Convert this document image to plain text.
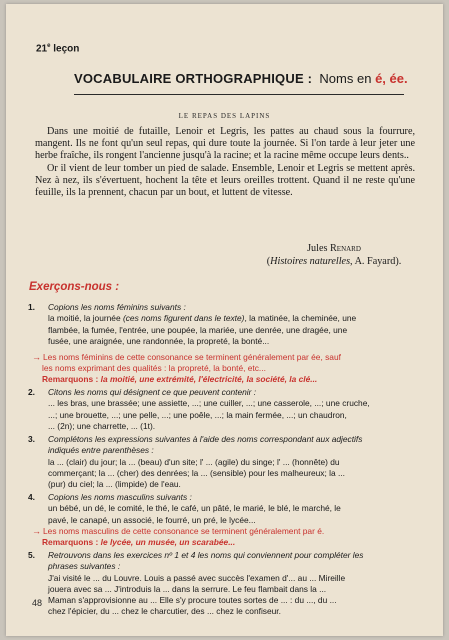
21e leçon
VOCABULAIRE ORTHOGRAPHIQUE : Noms en é, ée.
LE REPAS DES LAPINS

Dans une moitié de futaille, Lenoir et Legris, les pattes au chaud sous la fourrure, mangent. Ils ne font qu'un seul repas, qui dure toute la journée. Si l'on tarde à leur jeter une herbe fraîche, ils rongent l'ancienne jusqu'à la racine; et la racine même occupe leurs dents..

Or il vient de leur tomber un pied de salade. Ensemble, Lenoir et Legris se mettent après. Nez à nez, ils s'évertuent, hochent la tête et leurs oreilles trottent. Quand il ne reste qu'une feuille, ils la prennent, chacun par un bout, et luttent de vitesse.

Jules Renard
(Histoires naturelles, A. Fayard).
Exerçons-nous :
1. Copions les noms féminins suivants :
la moitié, la journée (ces noms figurent dans le texte), la matinée, la cheminée, une
flambée, la fumée, l'entrée, une poupée, la mariée, une denrée, une dragée, une
fusée, une araignée, une randonnée, la propreté, la bonté...
→ Les noms féminins de cette consonance se terminent généralement par ée, sauf
les noms exprimant des qualités : la propreté, la bonté, etc...
Remarquons : la moitié, une extrémité, l'électricité, la société, la clé...
2. Citons les noms qui désignent ce que peuvent contenir :
... les bras, une brassée; une assiette, ...; une cuiller, ...; une casserole, ...; une cruche,
...; une brouette, ...; une pelle, ...; une poêle, ...; la main fermée, ...; un chaudron,
... (2n); une charrette, ... (1t).
3. Complétons les expressions suivantes à l'aide des noms correspondant aux adjectifs
indiqués entre parenthèses :
la ... (clair) du jour; la ... (beau) d'un site; l' ... (agile) du singe; l' ... (honnête) du
commerçant; la ... (cher) des denrées; la ... (sensible) pour les malheureux; la ...
(pur) du ciel; la ... (limpide) de l'eau.
4. Copions les noms masculins suivants :
un bébé, un dé, le comité, le thé, le café, un pâté, le marié, le blé, le marché, le
pavé, le canapé, un associé, le fourré, un pré, le lycée...
→ Les noms masculins de cette consonance se terminent généralement par é.
Remarquons : le lycée, un musée, un scarabée...
5. Retrouvons dans les exercices nº 1 et 4 les noms qui conviennent pour compléter les
phrases suivantes :
J'ai visité le ... du Louvre. Louis a passé avec succès l'examen d'... au ... Mireille
jouera avec sa ... J'introduis la ... dans la serrure. Le feu flambait dans la ...
Maman s'approvisionne au ... Elle s'y procure toutes sortes de ... : du ..., du ...
chez l'épicier, du ... chez le charcutier, des ... chez le confiseur.
48
